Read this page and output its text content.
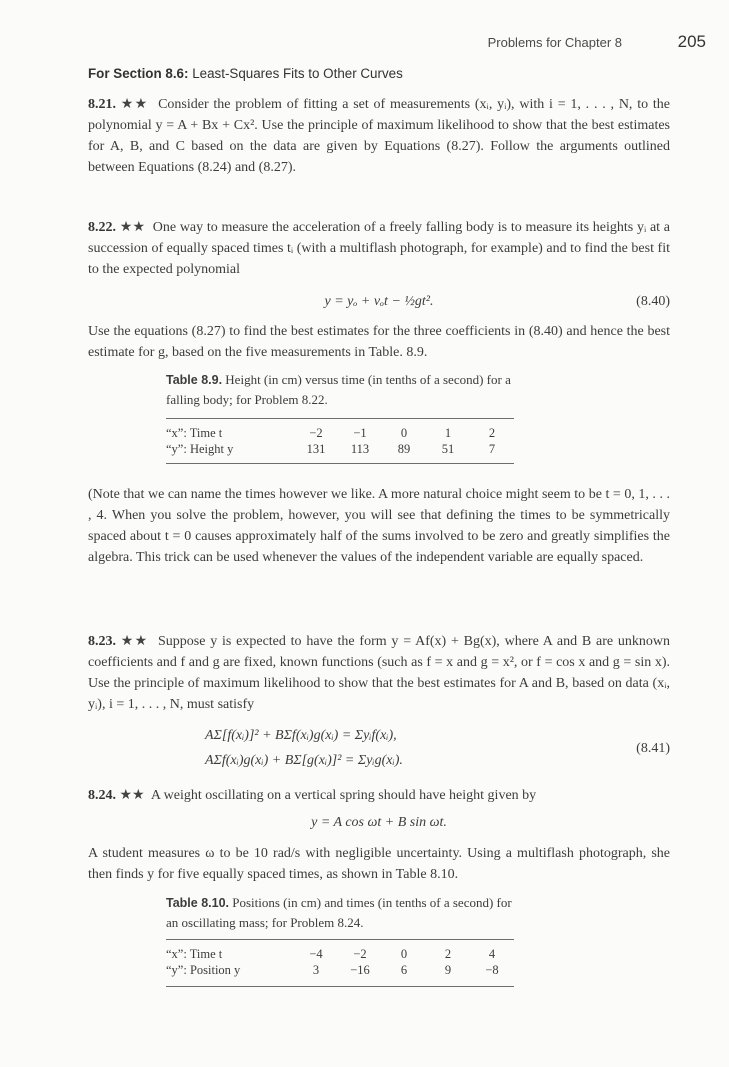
Problems for Chapter 8	205
For Section 8.6: Least-Squares Fits to Other Curves
8.21. ★★ Consider the problem of fitting a set of measurements (xᵢ, yᵢ), with i = 1, . . . , N, to the polynomial y = A + Bx + Cx². Use the principle of maximum likelihood to show that the best estimates for A, B, and C based on the data are given by Equations (8.27). Follow the arguments outlined between Equations (8.24) and (8.27).
8.22. ★★ One way to measure the acceleration of a freely falling body is to measure its heights yᵢ at a succession of equally spaced times tᵢ (with a multiflash photograph, for example) and to find the best fit to the expected polynomial
y = yₒ + vₒt − ½gt².	(8.40)
Use the equations (8.27) to find the best estimates for the three coefficients in (8.40) and hence the best estimate for g, based on the five measurements in Table. 8.9.
Table 8.9. Height (in cm) versus time (in tenths of a second) for a falling body; for Problem 8.22.
“x”: Time t	−2	−1	0	1	2
“y”: Height y	131	113	89	51	7
(Note that we can name the times however we like. A more natural choice might seem to be t = 0, 1, . . . , 4. When you solve the problem, however, you will see that defining the times to be symmetrically spaced about t = 0 causes approximately half of the sums involved to be zero and greatly simplifies the algebra. This trick can be used whenever the values of the independent variable are equally spaced.
8.23. ★★ Suppose y is expected to have the form y = Af(x) + Bg(x), where A and B are unknown coefficients and f and g are fixed, known functions (such as f = x and g = x², or f = cos x and g = sin x). Use the principle of maximum likelihood to show that the best estimates for A and B, based on data (xᵢ, yᵢ), i = 1, . . . , N, must satisfy
AΣ[f(xᵢ)]² + BΣf(xᵢ)g(xᵢ) = Σyᵢf(xᵢ),
AΣf(xᵢ)g(xᵢ) + BΣ[g(xᵢ)]² = Σyᵢg(xᵢ).
(8.41)
8.24. ★★ A weight oscillating on a vertical spring should have height given by
y = A cos ωt + B sin ωt.
A student measures ω to be 10 rad/s with negligible uncertainty. Using a multiflash photograph, she then finds y for five equally spaced times, as shown in Table 8.10.
Table 8.10. Positions (in cm) and times (in tenths of a second) for an oscillating mass; for Problem 8.24.
“x”: Time t	−4	−2	0	2	4
“y”: Position y	3	−16	6	9	−8
